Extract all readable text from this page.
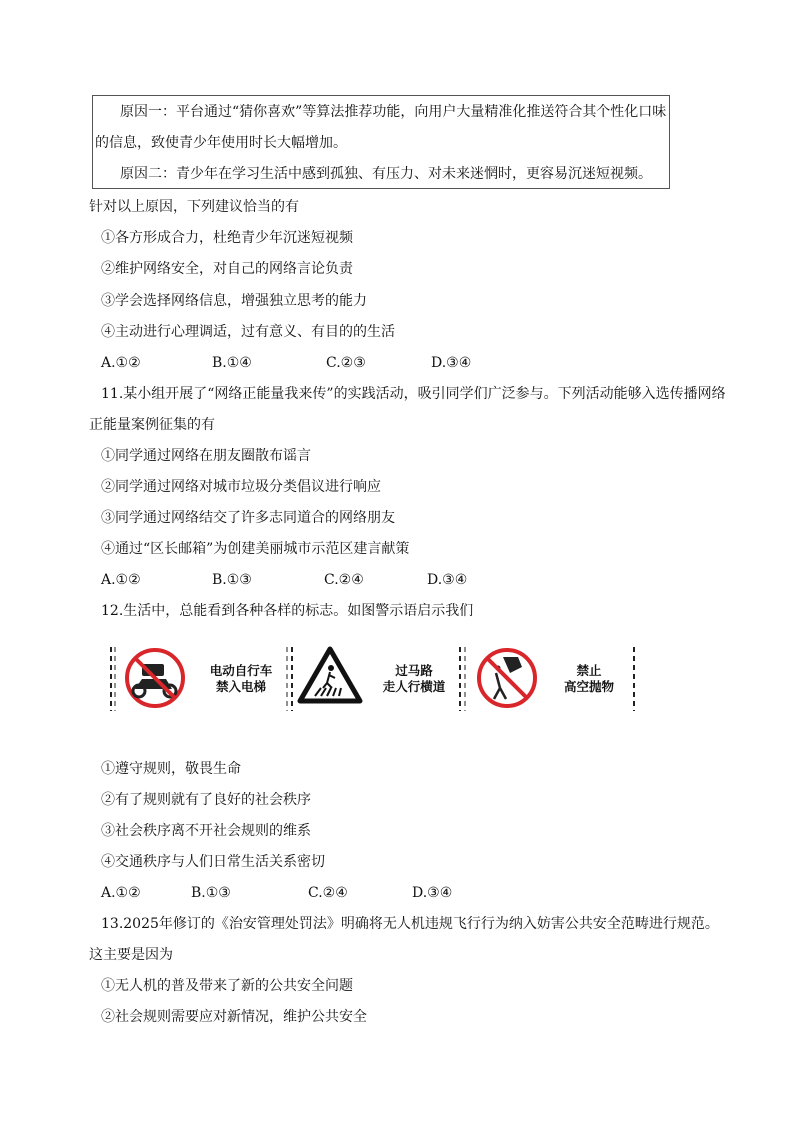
原因一：平台通过“猜你喜欢”等算法推荐功能，向用户大量精准化推送符合其个性化口味
的信息，致使青少年使用时长大幅增加。
原因二：青少年在学习生活中感到孤独、有压力、对未来迷惘时，更容易沉迷短视频。
针对以上原因，下列建议恰当的有
①各方形成合力，杜绝青少年沉迷短视频
②维护网络安全，对自己的网络言论负责
③学会选择网络信息，增强独立思考的能力
④主动进行心理调适，过有意义、有目的的生活
A.①②	B.①④	C.②③	D.③④
11.某小组开展了“网络正能量我来传”的实践活动，吸引同学们广泛参与。下列活动能够入选传播网络
正能量案例征集的有
①同学通过网络在朋友圈散布谣言
②同学通过网络对城市垃圾分类倡议进行响应
③同学通过网络结交了许多志同道合的网络朋友
④通过“区长邮箱”为创建美丽城市示范区建言献策
A.①②	B.①③	C.②④	D.③④
12.生活中，总能看到各种各样的标志。如图警示语启示我们
电动自行车
禁入电梯
过马路
走人行横道
禁止
高空抛物
①遵守规则，敬畏生命
②有了规则就有了良好的社会秩序
③社会秩序离不开社会规则的维系
④交通秩序与人们日常生活关系密切
A.①②	B.①③	C.②④	D.③④
13.2025年修订的《治安管理处罚法》明确将无人机违规飞行行为纳入妨害公共安全范畴进行规范。
这主要是因为
①无人机的普及带来了新的公共安全问题
②社会规则需要应对新情况，维护公共安全
